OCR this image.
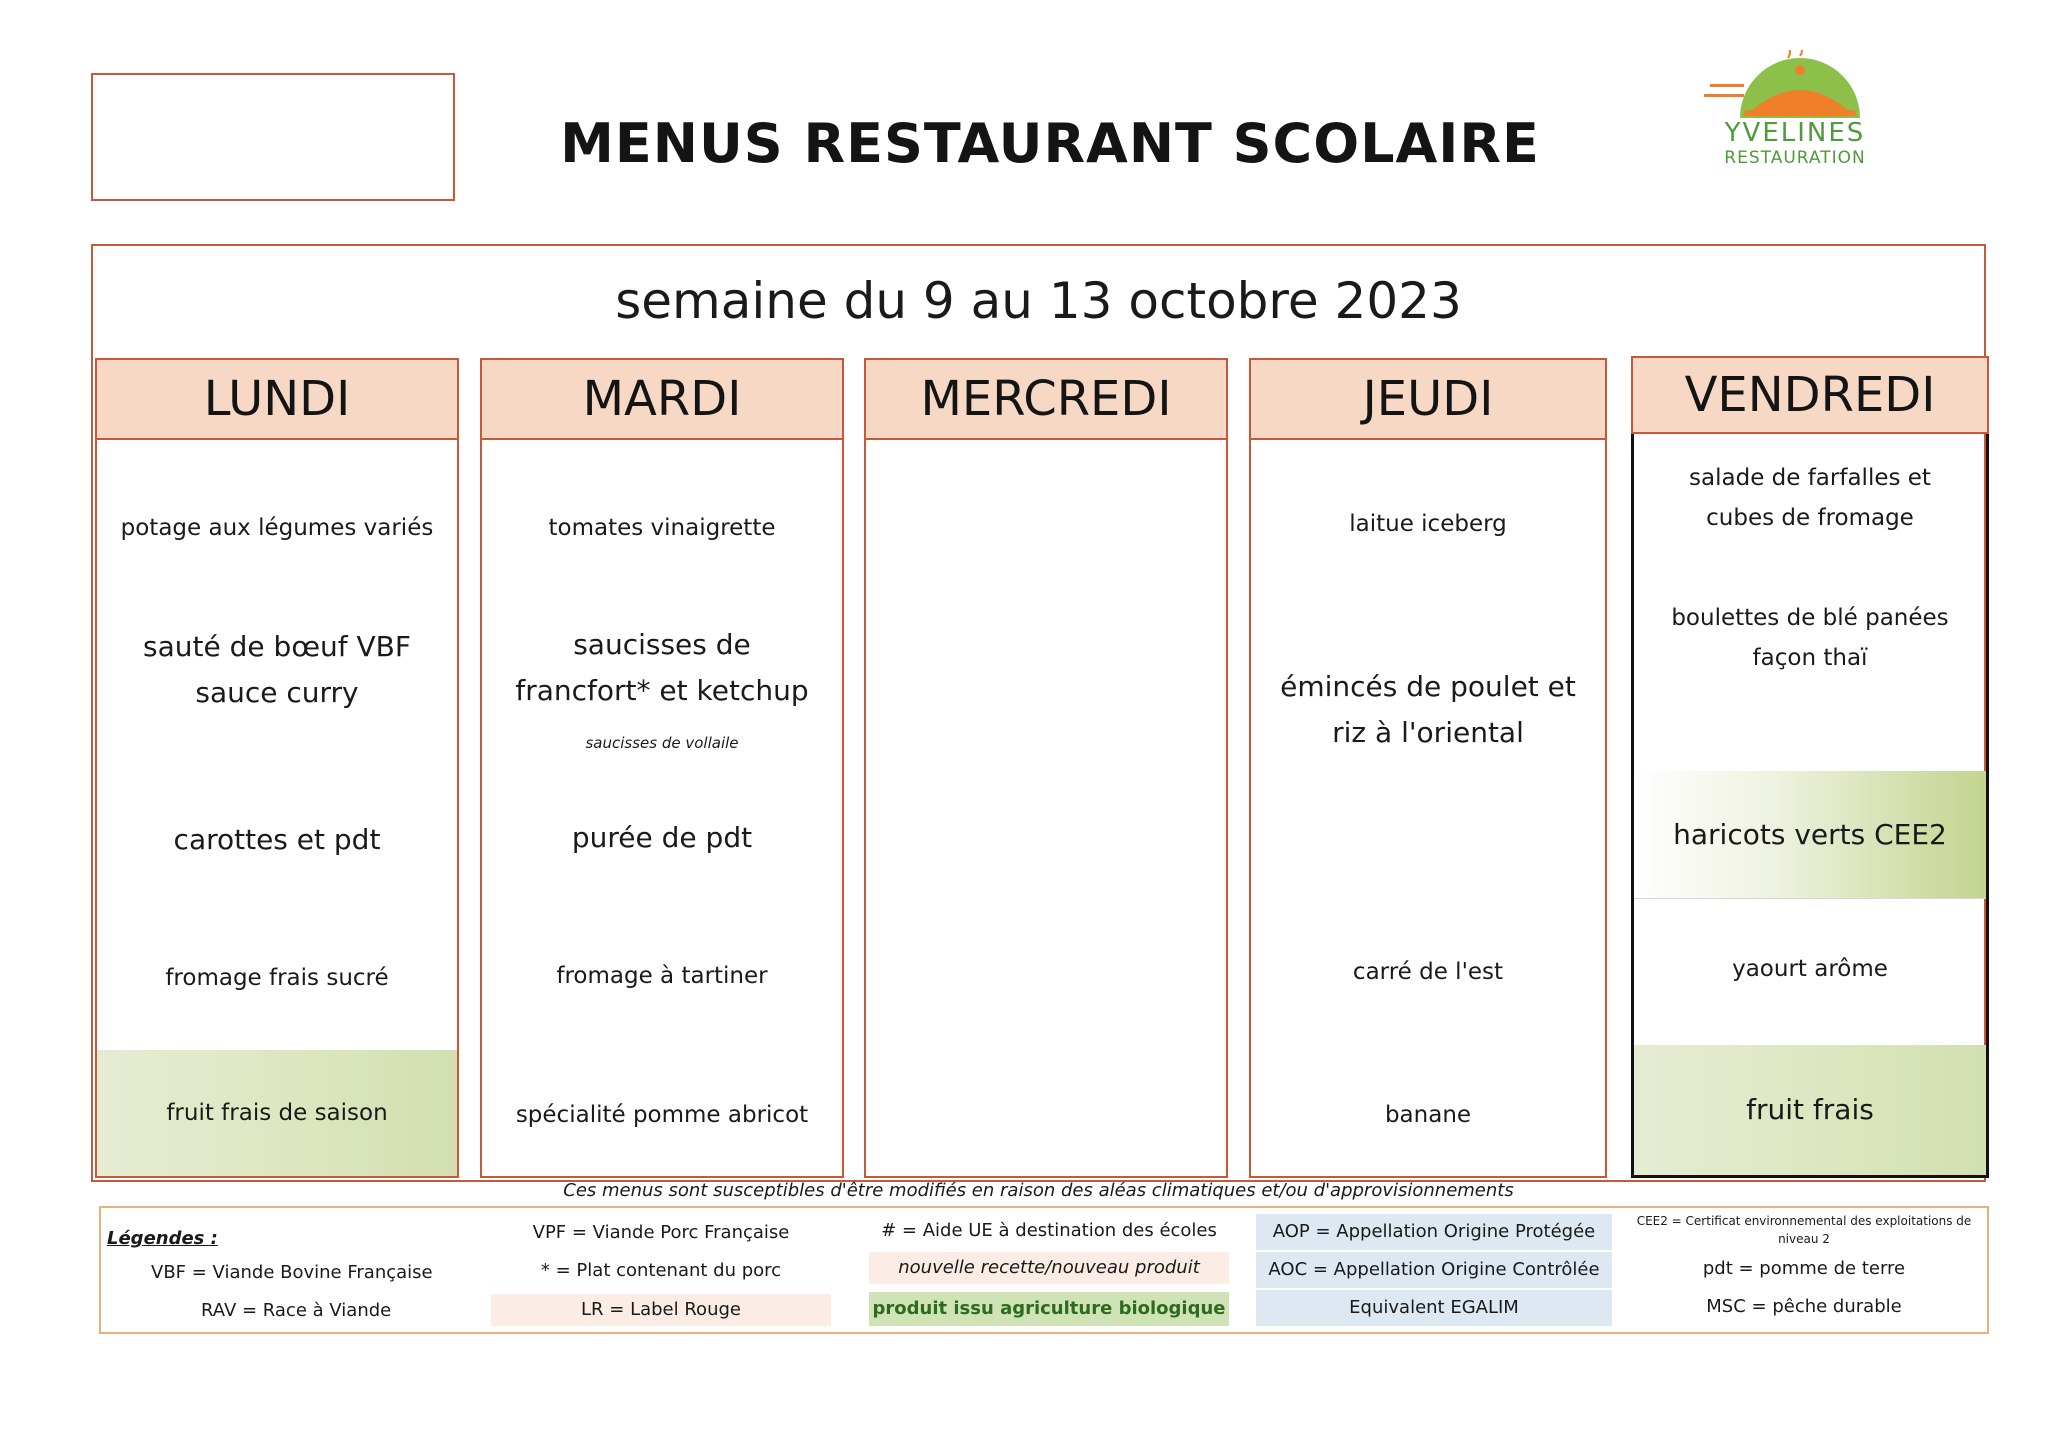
MENUS RESTAURANT SCOLAIRE	YVELINES
RESTAURATION
semaine du 9 au 13 octobre 2023
LUNDI
potage aux légumes variés
sauté de bœuf VBF sauce curry
carottes et pdt
fromage frais sucré
fruit frais de saison
MARDI
tomates vinaigrette
saucisses de francfort* et ketchup
saucisses de vollaile
purée de pdt
fromage à tartiner
spécialité pomme abricot
MERCREDI	JEUDI
laitue iceberg
émincés de poulet et riz à l'oriental
carré de l'est
banane
salade de farfalles et cubes de fromage
boulettes de blé panées façon thaï
haricots verts CEE2
yaourt arôme
fruit frais
VENDREDI
Ces menus sont susceptibles d'être modifiés en raison des aléas climatiques et/ou d'approvisionnements
Légendes :
VBF = Viande Bovine Française
RAV = Race à Viande
VPF = Viande Porc Française
* = Plat contenant du porc
LR = Label Rouge
# = Aide UE à destination des écoles
nouvelle recette/nouveau produit
produit issu agriculture biologique
AOP = Appellation Origine Protégée
AOC = Appellation Origine Contrôlée
Equivalent EGALIM
CEE2 = Certificat environnemental des exploitations de niveau 2
pdt = pomme de terre
MSC = pêche durable
